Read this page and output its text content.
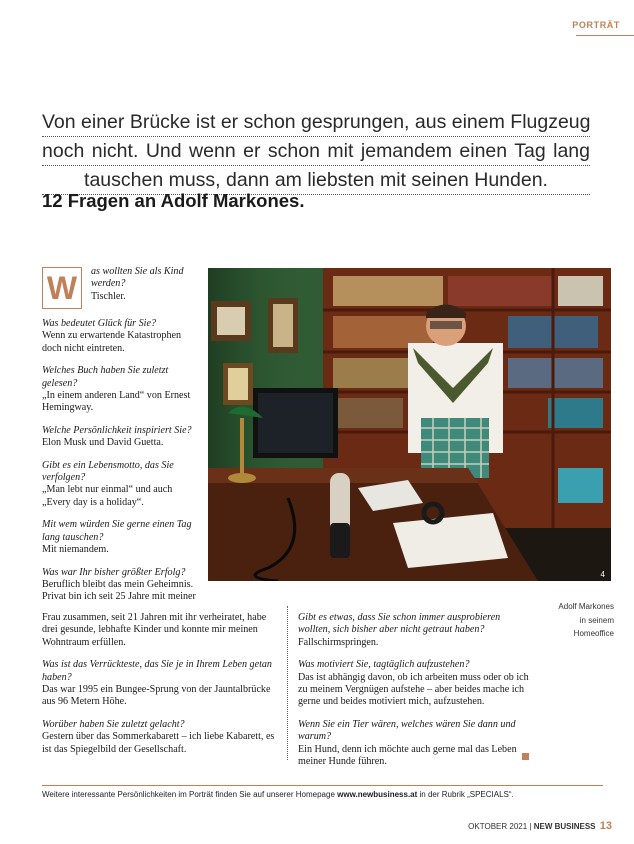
PORTRÄT

Von einer Brücke ist er schon gesprungen, aus einem Flugzeug
noch nicht. Und wenn er schon mit jemandem einen Tag lang
tauschen muss, dann am liebsten mit seinen Hunden.

12 Fragen an Adolf Markones.
W	as wollten Sie als Kind werden?
Tischler.
Was bedeutet Glück für Sie?
Wenn zu erwartende Katastrophen doch nicht eintreten.
Welches Buch haben Sie zuletzt gelesen?
„In einem anderen Land“ von Ernest Hemingway.
Welche Persönlichkeit inspiriert Sie?
Elon Musk und David Guetta.
Gibt es ein Lebensmotto, das Sie verfolgen?
„Man lebt nur einmal“ und auch „Every day is a holiday“.
Mit wem würden Sie gerne einen Tag lang tauschen?
Mit niemandem.
Was war Ihr bisher größter Erfolg?
Beruflich bleibt das mein Geheimnis.
Privat bin ich seit 25 Jahre mit meiner
Frau zusammen, seit 21 Jahren mit ihr verheiratet, habe drei gesunde, lebhafte Kinder und konnte mir meinen Wohntraum erfüllen.
Was ist das Verrückteste, das Sie je in Ihrem Leben getan haben?
Das war 1995 ein Bungee-Sprung von der Jauntalbrücke aus 96 Metern Höhe.
Worüber haben Sie zuletzt gelacht?
Gestern über das Sommerkabarett – ich liebe Kabarett, es ist das Spiegelbild der Gesellschaft.
Gibt es etwas, dass Sie schon immer ausprobieren wollten, sich bisher aber nicht getraut haben?
Fallschirmspringen.
Was motiviert Sie, tagtäglich aufzustehen?
Das ist abhängig davon, ob ich arbeiten muss oder ob ich zu meinem Vergnügen aufstehe – aber beides mache ich gerne und beides motiviert mich, aufzustehen.
Wenn Sie ein Tier wären, welches wären Sie dann und warum?
Ein Hund, denn ich möchte auch gerne mal das Leben meiner Hunde führen.
4
Adolf Markones
in seinem
Homeoffice
Weitere interessante Persönlichkeiten im Porträt finden Sie auf unserer Homepage www.newbusiness.at in der Rubrik „SPECIALS“.
OKTOBER 2021 | NEW BUSINESS 13
